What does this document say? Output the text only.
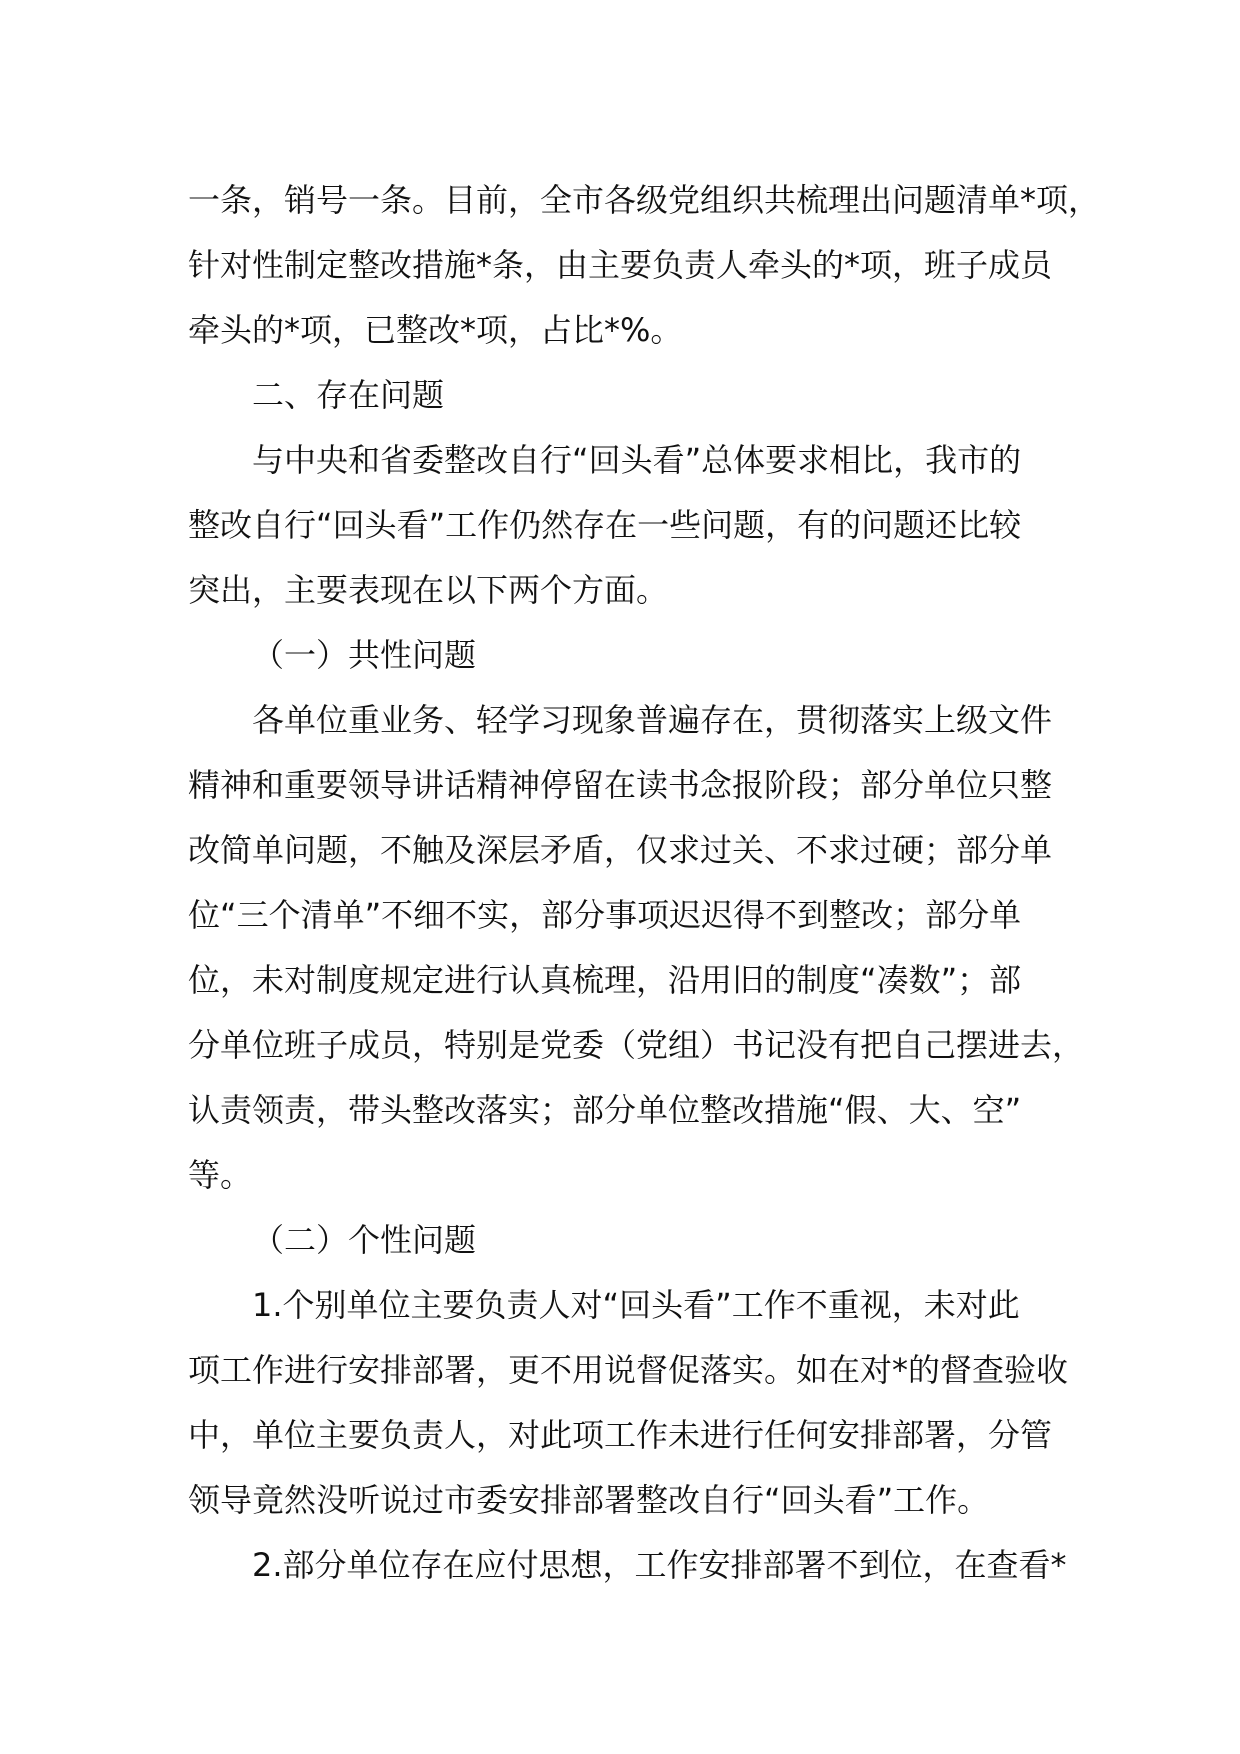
一条，销号一条。目前，全市各级党组织共梳理出问题清单*项，
针对性制定整改措施*条，由主要负责人牵头的*项，班子成员
牵头的*项，已整改*项，占比*%。
二、存在问题
与中央和省委整改自行“回头看”总体要求相比，我市的
整改自行“回头看”工作仍然存在一些问题，有的问题还比较
突出，主要表现在以下两个方面。
（一）共性问题
各单位重业务、轻学习现象普遍存在，贯彻落实上级文件
精神和重要领导讲话精神停留在读书念报阶段；部分单位只整
改简单问题，不触及深层矛盾，仅求过关、不求过硬；部分单
位“三个清单”不细不实，部分事项迟迟得不到整改；部分单
位，未对制度规定进行认真梳理，沿用旧的制度“凑数”；部
分单位班子成员，特别是党委（党组）书记没有把自己摆进去，
认责领责，带头整改落实；部分单位整改措施“假、大、空”
等。
（二）个性问题
1.个别单位主要负责人对“回头看”工作不重视，未对此
项工作进行安排部署，更不用说督促落实。如在对*的督查验收
中，单位主要负责人，对此项工作未进行任何安排部署，分管
领导竟然没听说过市委安排部署整改自行“回头看”工作。
2.部分单位存在应付思想，工作安排部署不到位，在查看*
